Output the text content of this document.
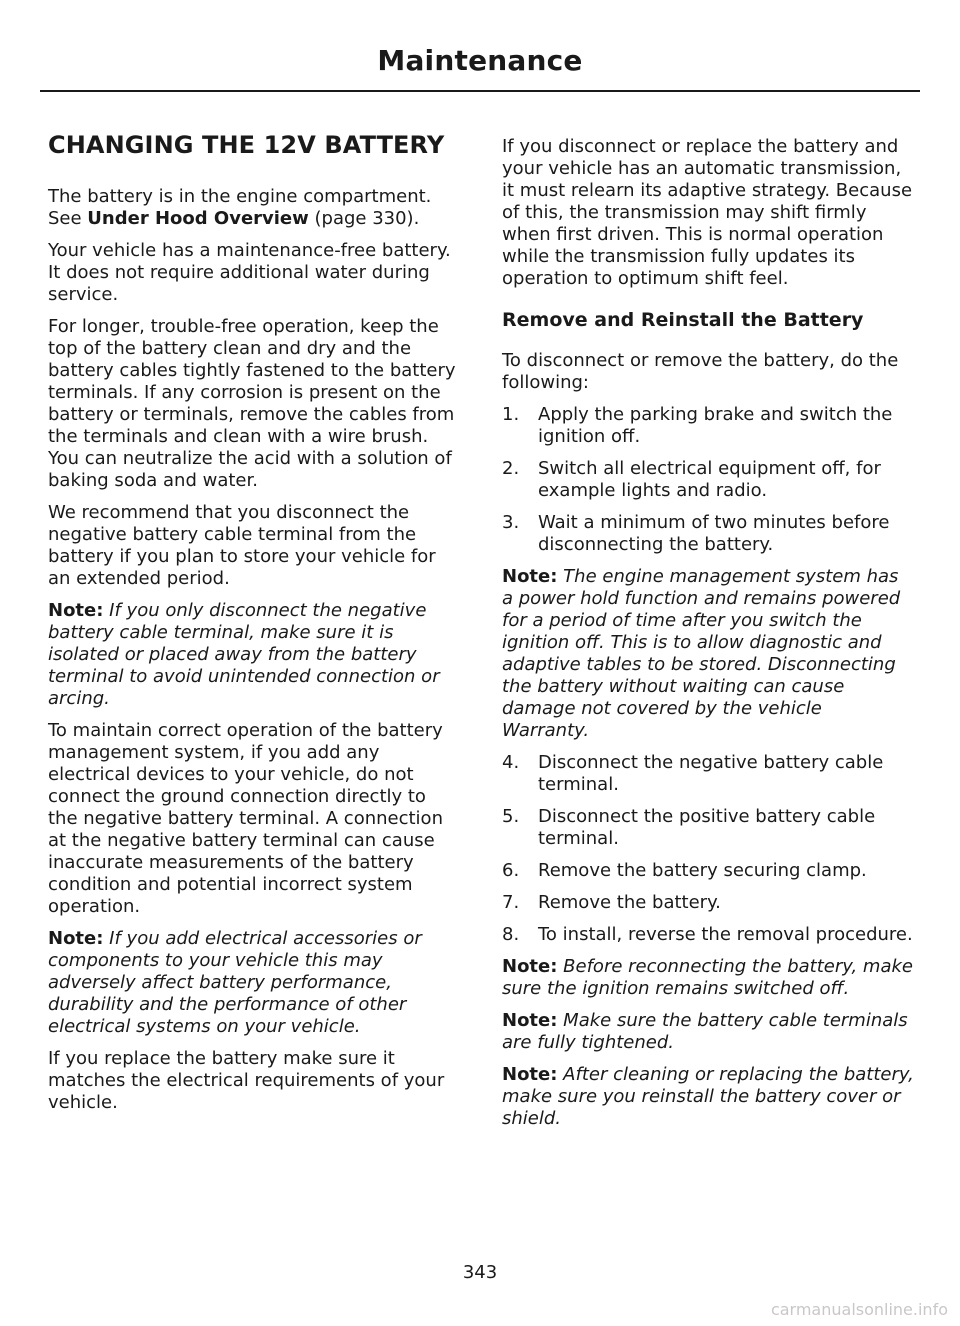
Maintenance
CHANGING THE 12V BATTERY

The battery is in the engine compartment. See Under Hood Overview (page 330).

Your vehicle has a maintenance-free battery. It does not require additional water during service.

For longer, trouble-free operation, keep the top of the battery clean and dry and the battery cables tightly fastened to the battery terminals. If any corrosion is present on the battery or terminals, remove the cables from the terminals and clean with a wire brush. You can neutralize the acid with a solution of baking soda and water.

We recommend that you disconnect the negative battery cable terminal from the battery if you plan to store your vehicle for an extended period.

Note: If you only disconnect the negative battery cable terminal, make sure it is isolated or placed away from the battery terminal to avoid unintended connection or arcing.

To maintain correct operation of the battery management system, if you add any electrical devices to your vehicle, do not connect the ground connection directly to the negative battery terminal. A connection at the negative battery terminal can cause inaccurate measurements of the battery condition and potential incorrect system operation.

Note: If you add electrical accessories or components to your vehicle this may adversely affect battery performance, durability and the performance of other electrical systems on your vehicle.

If you replace the battery make sure it matches the electrical requirements of your vehicle.

If you disconnect or replace the battery and your vehicle has an automatic transmission, it must relearn its adaptive strategy. Because of this, the transmission may shift firmly when first driven. This is normal operation while the transmission fully updates its operation to optimum shift feel.

Remove and Reinstall the Battery

To disconnect or remove the battery, do the following:

1. Apply the parking brake and switch the ignition off.
2. Switch all electrical equipment off, for example lights and radio.
3. Wait a minimum of two minutes before disconnecting the battery.

Note: The engine management system has a power hold function and remains powered for a period of time after you switch the ignition off. This is to allow diagnostic and adaptive tables to be stored. Disconnecting the battery without waiting can cause damage not covered by the vehicle Warranty.

4. Disconnect the negative battery cable terminal.
5. Disconnect the positive battery cable terminal.
6. Remove the battery securing clamp.
7. Remove the battery.
8. To install, reverse the removal procedure.

Note: Before reconnecting the battery, make sure the ignition remains switched off.

Note: Make sure the battery cable terminals are fully tightened.

Note: After cleaning or replacing the battery, make sure you reinstall the battery cover or shield.

343
carmanualsonline.info
